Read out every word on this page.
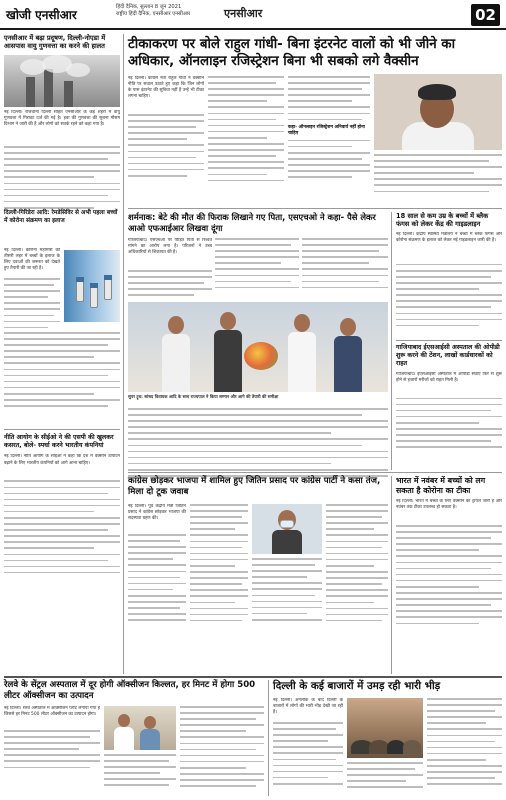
खोजी एनसीआर
हिंदी दैनिक, सुल्तान 8 जून 2021
राष्ट्रीय हिंदी दैनिक, एनसीआर एनसीआर	एनसीआर	02
एनसीआर में बढ़ा प्रदूषण, दिल्ली-नोएडा में आसपास वायु गुणवत्ता का करने की हालत
नई दिल्ली। राजधानी दिल्ली सहित एनसीआर के कई शहरों में वायु गुणवत्ता में गिरावट दर्ज की गई है। हवा की गुणवत्ता की सूचना मौसम विभाग ने जारी की है और लोगों को सतर्क रहने को कहा गया है।
दिल्ली-गिरिडेरा आदि: रेमडेसिविर से अभी पहला बच्चों में कोरोना संक्रमण का इलाज
नई दिल्ली। कोरोना महामारी की तीसरी लहर में बच्चों के इलाज के लिए दवाओं की जरूरत को देखते हुए तैयारी की जा रही है।
नीति आयोग के सीईओ ने की एसपी की खुलकर कसरत, बोले- स्पर्धा करने भारतीय कंपनियां
नई दिल्ली। नीति आयोग के सीईओ ने कहा कि देश में वैक्सीन उत्पादन बढ़ाने के लिए भारतीय कंपनियों को आगे आना चाहिए।
टीकाकरण पर बोले राहुल गांधी- बिना इंटरनेट वालों को भी जीने का अधिकार, ऑनलाइन रजिस्ट्रेशन बिना भी सबको लगे वैक्सीन
नई दिल्ली। कांग्रेस नेता राहुल गांधी ने वैक्सीन नीति पर सवाल उठाते हुए कहा कि जिन लोगों के पास इंटरनेट की सुविधा नहीं है उन्हें भी टीका लगना चाहिए।
कहा- ऑनलाइन रजिस्ट्रेशन अनिवार्य नहीं होना चाहिए
शर्मनाक: बेटे की मौत की फिराक लिखाने गए पिता, एसएचओ ने कहा- पैसे लेकर आओ एफआईआर लिखवा दूंगा
गाजियाबाद। एसएचओ पर पीड़ित पिता से रिश्वत मांगने का आरोप लगा है। परिजनों ने उच्च अधिकारियों से शिकायत की है।
सुपर ट्रूथ: सांसद विधायक आदि के साथ राज्यपाल ने किया सम्मान और आगे की तैयारी की समीक्षा
18 साल से कम उम्र के बच्चों में ब्लैक फंगस को लेकर केंद्र की गाइडलाइन
नई दिल्ली। केंद्रीय स्वास्थ्य मंत्रालय ने बच्चों में ब्लैक फंगस और कोरोना संक्रमण के इलाज को लेकर नई गाइडलाइन जारी की है।
गाजियाबाद ईएसआईसी अस्पताल की ओपीडी शुरू करने की टेंशन, लाखों कार्डधारकों को राहत
गाजियाबाद। ईएसआईसी अस्पताल में ओपीडी सेवाएं फिर से शुरू होने से हजारों मरीजों को राहत मिली है।
कांग्रेस छोड़कर भाजपा में शामिल हुए जितिन प्रसाद पर कांग्रेस पार्टी ने कसा तंज, मिला दो टूक जवाब
नई दिल्ली। पूर्व केंद्रीय मंत्री जितिन प्रसाद ने कांग्रेस छोड़कर भाजपा की सदस्यता ग्रहण की।
भारत में नवंबर में बच्चों को लग सकता है कोरोना का टीका
नई दिल्ली। भारत में बच्चों के लिए वैक्सीन का ट्रायल जारी है और नवंबर तक टीका उपलब्ध हो सकता है।
रेलवे के सेंट्रल अस्पताल में दूर होगी ऑक्सीजन किल्लत, हर मिनट में होगा 500 लीटर ऑक्सीजन का उत्पादन
नई दिल्ली। रेलवे अस्पताल में ऑक्सीजन प्लांट लगाया गया है जिससे हर मिनट 500 लीटर ऑक्सीजन का उत्पादन होगा।
दिल्ली के कई बाजारों में उमड़ रही भारी भीड़
नई दिल्ली। अनलॉक के बाद दिल्ली के बाजारों में लोगों की भारी भीड़ देखी जा रही है।
